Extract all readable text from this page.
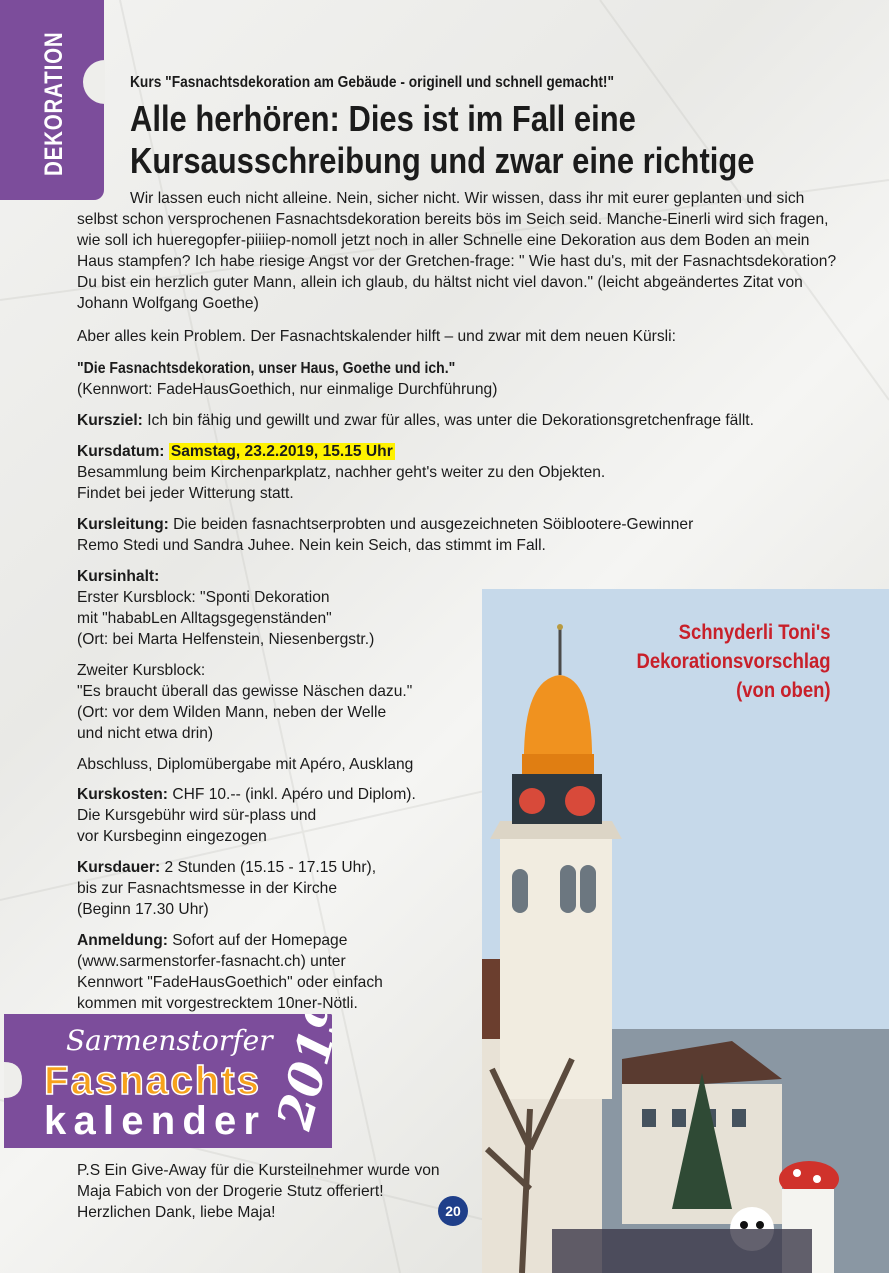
DEKORATION	Kurs "Fasnachtsdekoration am Gebäude - originell und schnell gemacht!"
Alle herhören: Dies ist im Fall eine
Kursausschreibung und zwar eine richtige

Wir lassen euch nicht alleine. Nein, sicher nicht. Wir wissen, dass ihr mit eurer geplanten und sich selbst schon versprochenen Fasnachtsdekoration bereits bös im Seich seid. Manche-Einerli wird sich fragen, wie soll ich hueregopfer-piiiiep-nomoll jetzt noch in aller Schnelle eine Dekoration aus dem Boden an mein Haus stampfen? Ich habe riesige Angst vor der Gretchen-frage: " Wie hast du's, mit der Fasnachtsdekoration? Du bist ein herzlich guter Mann, allein ich glaub, du hältst nicht viel davon." (leicht abgeändertes Zitat von Johann Wolfgang Goethe)

Aber alles kein Problem. Der Fasnachtskalender hilft – und zwar mit dem neuen Kürsli:

"Die Fasnachtsdekoration, unser Haus, Goethe und ich."

(Kennwort: FadeHausGoethich, nur einmalige Durchführung)

Kursziel: Ich bin fähig und gewillt und zwar für alles, was unter die Dekorationsgretchenfrage fällt.

Kursdatum: Samstag, 23.2.2019, 15.15 Uhr

Besammlung beim Kirchenparkplatz, nachher geht's weiter zu den Objekten.

Findet bei jeder Witterung statt.

Kursleitung: Die beiden fasnachtserprobten und ausgezeichneten Söiblootere-Gewinner

Remo Stedi und Sandra Juhee. Nein kein Seich, das stimmt im Fall.

Kursinhalt:

Erster Kursblock: "Sponti Dekoration

mit "hababLen Alltagsgegenständen"

(Ort: bei Marta Helfenstein, Niesenbergstr.)

Zweiter Kursblock:

"Es braucht überall das gewisse Näschen dazu."

(Ort: vor dem Wilden Mann, neben der Welle

und nicht etwa drin)

Abschluss, Diplomübergabe mit Apéro, Ausklang

Kurskosten: CHF 10.-- (inkl. Apéro und Diplom).

Die Kursgebühr wird sür-plass und

vor Kursbeginn eingezogen

Kursdauer: 2 Stunden (15.15 - 17.15 Uhr),

bis zur Fasnachtsmesse in der Kirche

(Beginn 17.30 Uhr)

Anmeldung: Sofort auf der Homepage

(www.sarmenstorfer-fasnacht.ch) unter

Kennwort "FadeHausGoethich" oder einfach

kommen mit vorgestrecktem 10ner-Nötli.

Schnyderli Toni's
Dekorationsvorschlag
(von oben)
Sarmenstorfer
Fasnachts
kalender 2019

P.S Ein Give-Away für die Kursteilnehmer wurde von Maja Fabich von der Drogerie Stutz offeriert! Herzlichen Dank, liebe Maja!	20
